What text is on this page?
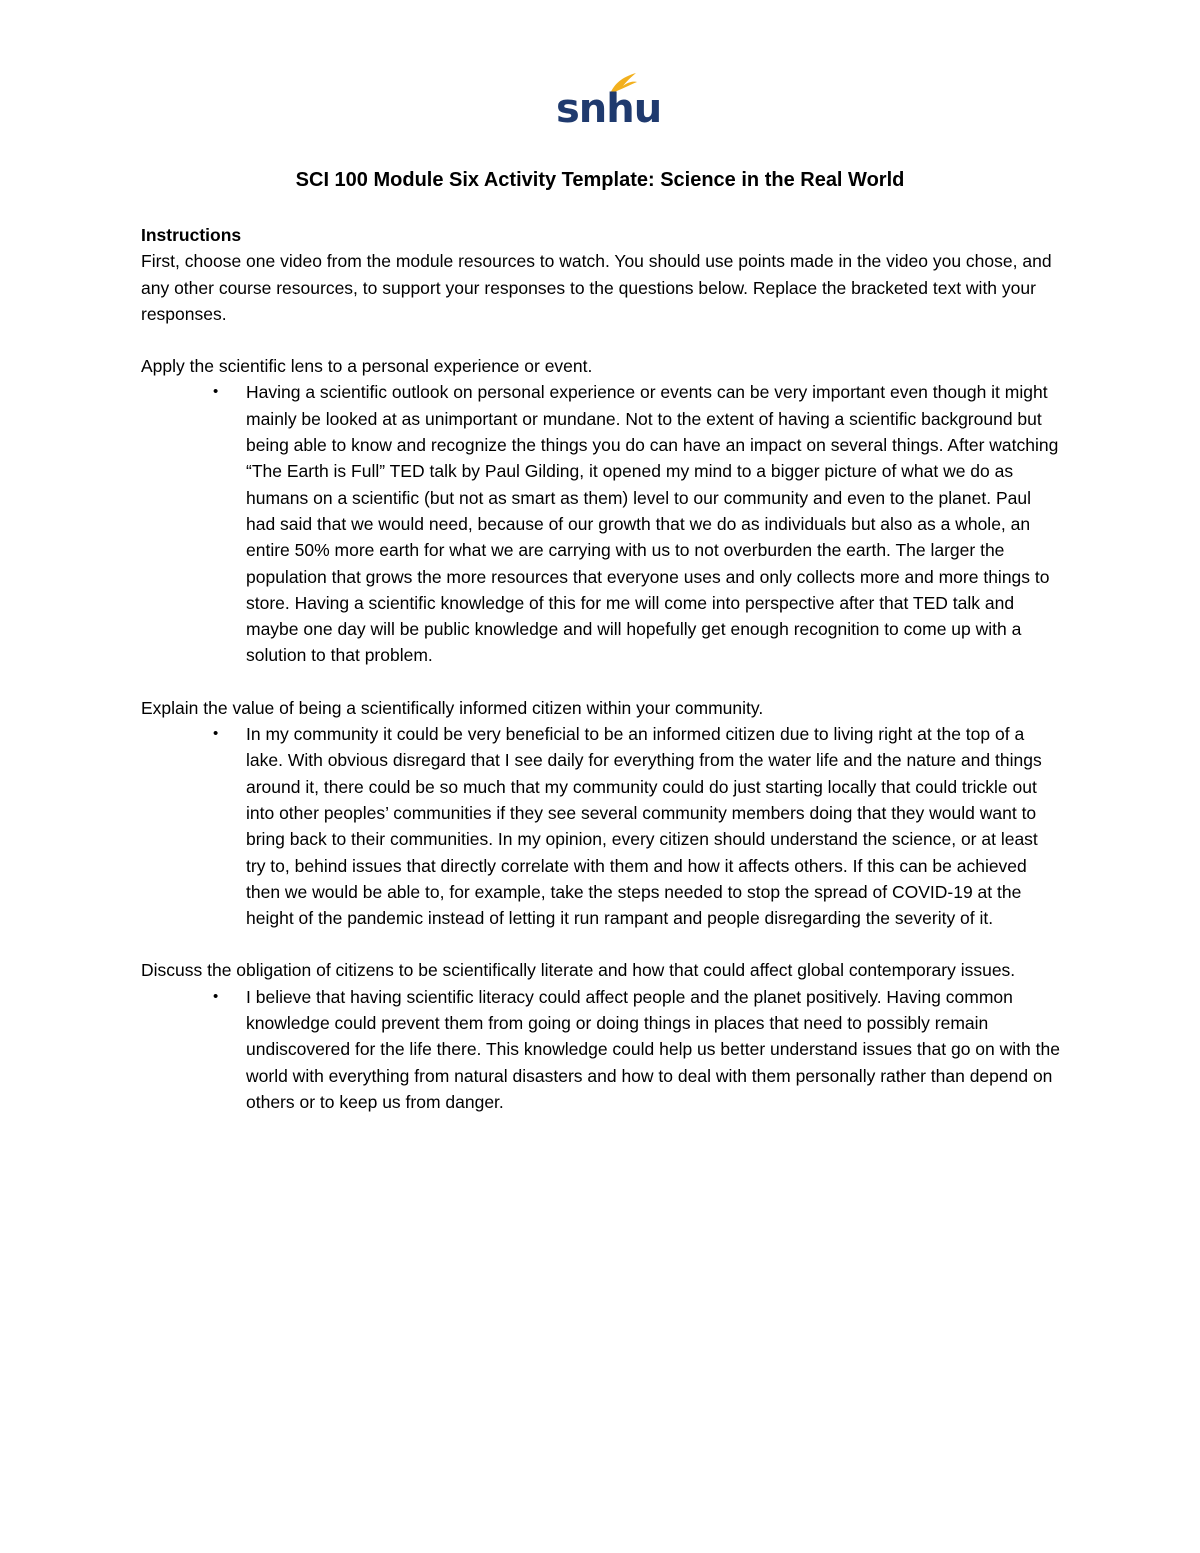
snhu
SCI 100 Module Six Activity Template: Science in the Real World

Instructions

First, choose one video from the module resources to watch. You should use points made in the video you chose, and any other course resources, to support your responses to the questions below. Replace the bracketed text with your responses.

Apply the scientific lens to a personal experience or event.

• Having a scientific outlook on personal experience or events can be very important even though it might mainly be looked at as unimportant or mundane. Not to the extent of having a scientific background but being able to know and recognize the things you do can have an impact on several things. After watching “The Earth is Full” TED talk by Paul Gilding, it opened my mind to a bigger picture of what we do as humans on a scientific (but not as smart as them) level to our community and even to the planet. Paul had said that we would need, because of our growth that we do as individuals but also as a whole, an entire 50% more earth for what we are carrying with us to not overburden the earth. The larger the population that grows the more resources that everyone uses and only collects more and more things to store. Having a scientific knowledge of this for me will come into perspective after that TED talk and maybe one day will be public knowledge and will hopefully get enough recognition to come up with a solution to that problem.

Explain the value of being a scientifically informed citizen within your community.

• In my community it could be very beneficial to be an informed citizen due to living right at the top of a lake. With obvious disregard that I see daily for everything from the water life and the nature and things around it, there could be so much that my community could do just starting locally that could trickle out into other peoples’ communities if they see several community members doing that they would want to bring back to their communities. In my opinion, every citizen should understand the science, or at least try to, behind issues that directly correlate with them and how it affects others. If this can be achieved then we would be able to, for example, take the steps needed to stop the spread of COVID-19 at the height of the pandemic instead of letting it run rampant and people disregarding the severity of it.

Discuss the obligation of citizens to be scientifically literate and how that could affect global contemporary issues.

• I believe that having scientific literacy could affect people and the planet positively. Having common knowledge could prevent them from going or doing things in places that need to possibly remain undiscovered for the life there. This knowledge could help us better understand issues that go on with the world with everything from natural disasters and how to deal with them personally rather than depend on others or to keep us from danger.
